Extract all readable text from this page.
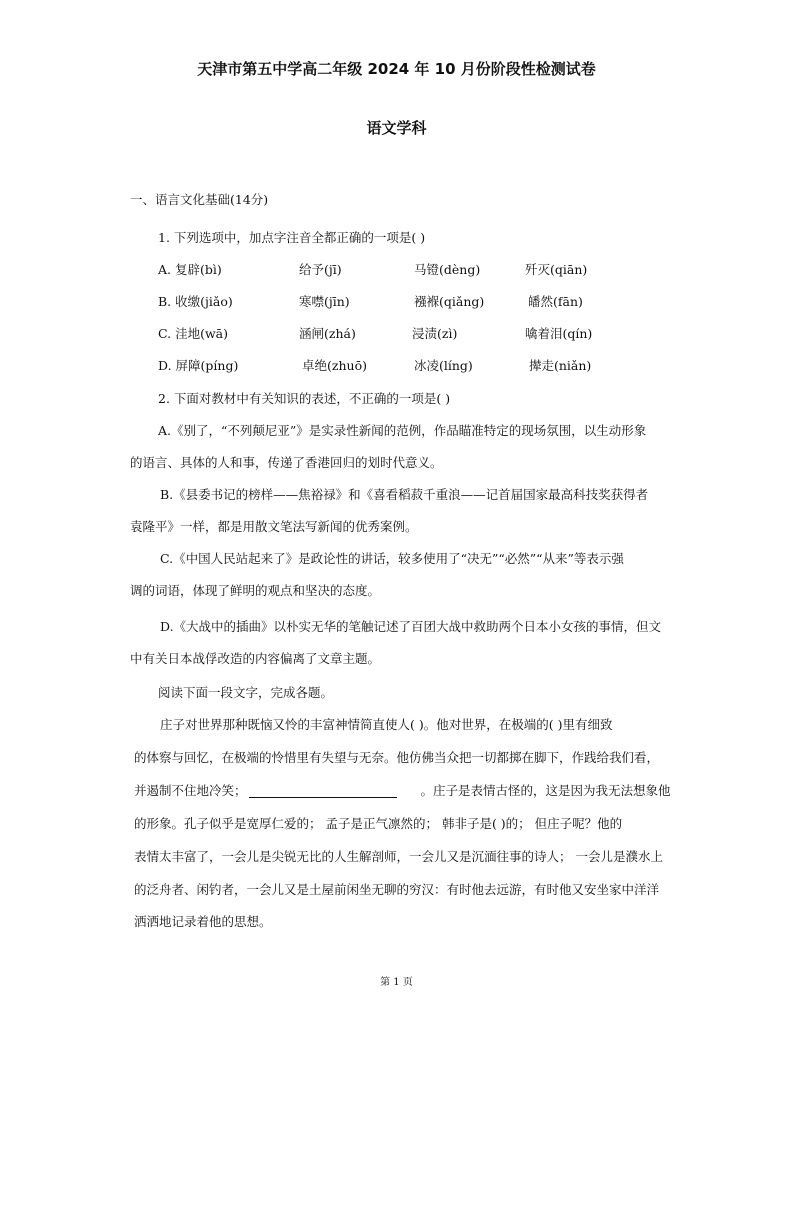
天津市第五中学高二年级 2024 年 10 月份阶段性检测试卷
语文学科
一、语言文化基础(14分)
1. 下列选项中，加点字注音全都正确的一项是( )
A. 复辟(bì)	给予(jī)	马镫(dèng)	歼灭(qiān)
B. 收缴(jiǎo)	寒噤(jīn)	襁褓(qiǎng)	皤然(fān)
C. 洼地(wā)	涵闸(zhá)	浸渍(zì)	噙着泪(qín)
D. 屏障(píng)	卓绝(zhuō)	冰凌(líng)	撵走(niǎn)
2. 下面对教材中有关知识的表述，不正确的一项是( )
A.《别了，“不列颠尼亚”》是实录性新闻的范例，作品瞄准特定的现场氛围，以生动形象
的语言、具体的人和事，传递了香港回归的划时代意义。
B.《县委书记的榜样——焦裕禄》和《喜看稻菽千重浪——记首届国家最高科技奖获得者
袁隆平》一样，都是用散文笔法写新闻的优秀案例。
C.《中国人民站起来了》是政论性的讲话，较多使用了“决无”“必然”“从来”等表示强
调的词语，体现了鲜明的观点和坚决的态度。
D.《大战中的插曲》以朴实无华的笔触记述了百团大战中救助两个日本小女孩的事情，但文
中有关日本战俘改造的内容偏离了文章主题。
阅读下面一段文字，完成各题。
庄子对世界那种既恼又怜的丰富神情简直使人( )。他对世界，在极端的( )里有细致
的体察与回忆，在极端的怜惜里有失望与无奈。他仿佛当众把一切都掷在脚下，作践给我们看，
并遏制不住地冷笑；	。庄子是表情古怪的，这是因为我无法想象他
的形象。孔子似乎是宽厚仁爱的； 孟子是正气凛然的； 韩非子是( )的； 但庄子呢？他的
表情太丰富了，一会儿是尖锐无比的人生解剖师，一会儿又是沉湎往事的诗人； 一会儿是濮水上
的泛舟者、闲钓者，一会儿又是土屋前闲坐无聊的穷汉：有时他去远游，有时他又安坐家中洋洋
洒洒地记录着他的思想。
第 1 页
